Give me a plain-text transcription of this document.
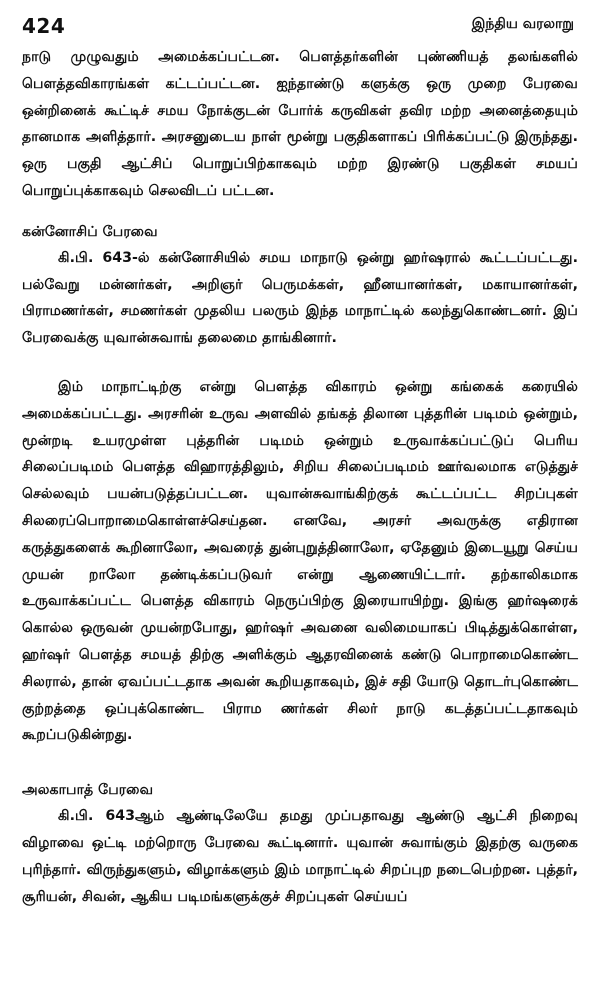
424	இந்திய வரலாறு

நாடு முழுவதும் அமைக்கப்பட்டன. பௌத்தர்களின் புண்ணியத் தலங்களில் பௌத்தவிகாரங்கள் கட்டப்பட்டன. ஐந்தாண்டு களுக்கு ஒரு முறை பேரவை ஒன்றினைக் கூட்டிச் சமய நோக்குடன் போர்க் கருவிகள் தவிர மற்ற அனைத்தையும் தானமாக அளித்தார். அரசனுடைய நாள் மூன்று பகுதிகளாகப் பிரிக்கப்பட்டு இருந்தது. ஒரு பகுதி ஆட்சிப் பொறுப்பிற்காகவும் மற்ற இரண்டு பகுதிகள் சமயப் பொறுப்புக்காகவும் செலவிடப் பட்டன.

கன்னோசிப் பேரவை

கி.பி. 643-ல் கன்னோசியில் சமய மாநாடு ஒன்று ஹர்ஷரால் கூட்டப்பட்டது. பல்வேறு மன்னர்கள், அறிஞர் பெருமக்கள், ஹீனயானர்கள், மகாயானர்கள், பிராமணர்கள், சமணர்கள் முதலிய பலரும் இந்த மாநாட்டில் கலந்துகொண்டனர். இப் பேரவைக்கு யுவான்சுவாங் தலைமை தாங்கினார்.

இம் மாநாட்டிற்கு என்று பௌத்த விகாரம் ஒன்று கங்கைக் கரையில் அமைக்கப்பட்டது. அரசரின் உருவ அளவில் தங்கத் திலான புத்தரின் படிமம் ஒன்றும், மூன்றடி உயரமுள்ள புத்தரின் படிமம் ஒன்றும் உருவாக்கப்பட்டுப் பெரிய சிலைப்படிமம் பௌத்த விஹாரத்திலும், சிறிய சிலைப்படிமம் ஊர்வலமாக எடுத்துச் செல்லவும் பயன்படுத்தப்பட்டன. யுவான்சுவாங்கிற்குக் கூட்டப்பட்ட சிறப்புகள் சிலரைப்பொறாமைகொள்ளச்செய்தன. எனவே, அரசர் அவருக்கு எதிரான கருத்துகளைக் கூறினாலோ, அவரைத் துன்புறுத்தினாலோ, ஏதேனும் இடையூறு செய்ய முயன் றாலோ தண்டிக்கப்படுவர் என்று ஆணையிட்டார். தற்காலிகமாக உருவாக்கப்பட்ட பௌத்த விகாரம் நெருப்பிற்கு இரையாயிற்று. இங்கு ஹர்ஷரைக் கொல்ல ஒருவன் முயன்றபோது, ஹர்ஷர் அவனை வலிமையாகப் பிடித்துக்கொள்ள, ஹர்ஷர் பௌத்த சமயத் திற்கு அளிக்கும் ஆதரவினைக் கண்டு பொறாமைகொண்ட சிலரால், தான் ஏவப்பட்டதாக அவன் கூறியதாகவும், இச் சதி யோடு தொடர்புகொண்ட குற்றத்தை ஒப்புக்கொண்ட பிராம ணர்கள் சிலர் நாடு கடத்தப்பட்டதாகவும் கூறப்படுகின்றது.

அலகாபாத் பேரவை

கி.பி. 643ஆம் ஆண்டிலேயே தமது முப்பதாவது ஆண்டு ஆட்சி நிறைவு விழாவை ஒட்டி மற்றொரு பேரவை கூட்டினார். யுவான் சுவாங்கும் இதற்கு வருகை புரிந்தார். விருந்துகளும், விழாக்களும் இம் மாநாட்டில் சிறப்புற நடைபெற்றன. புத்தர், சூரியன், சிவன், ஆகிய படிமங்களுக்குச் சிறப்புகள் செய்யப்
